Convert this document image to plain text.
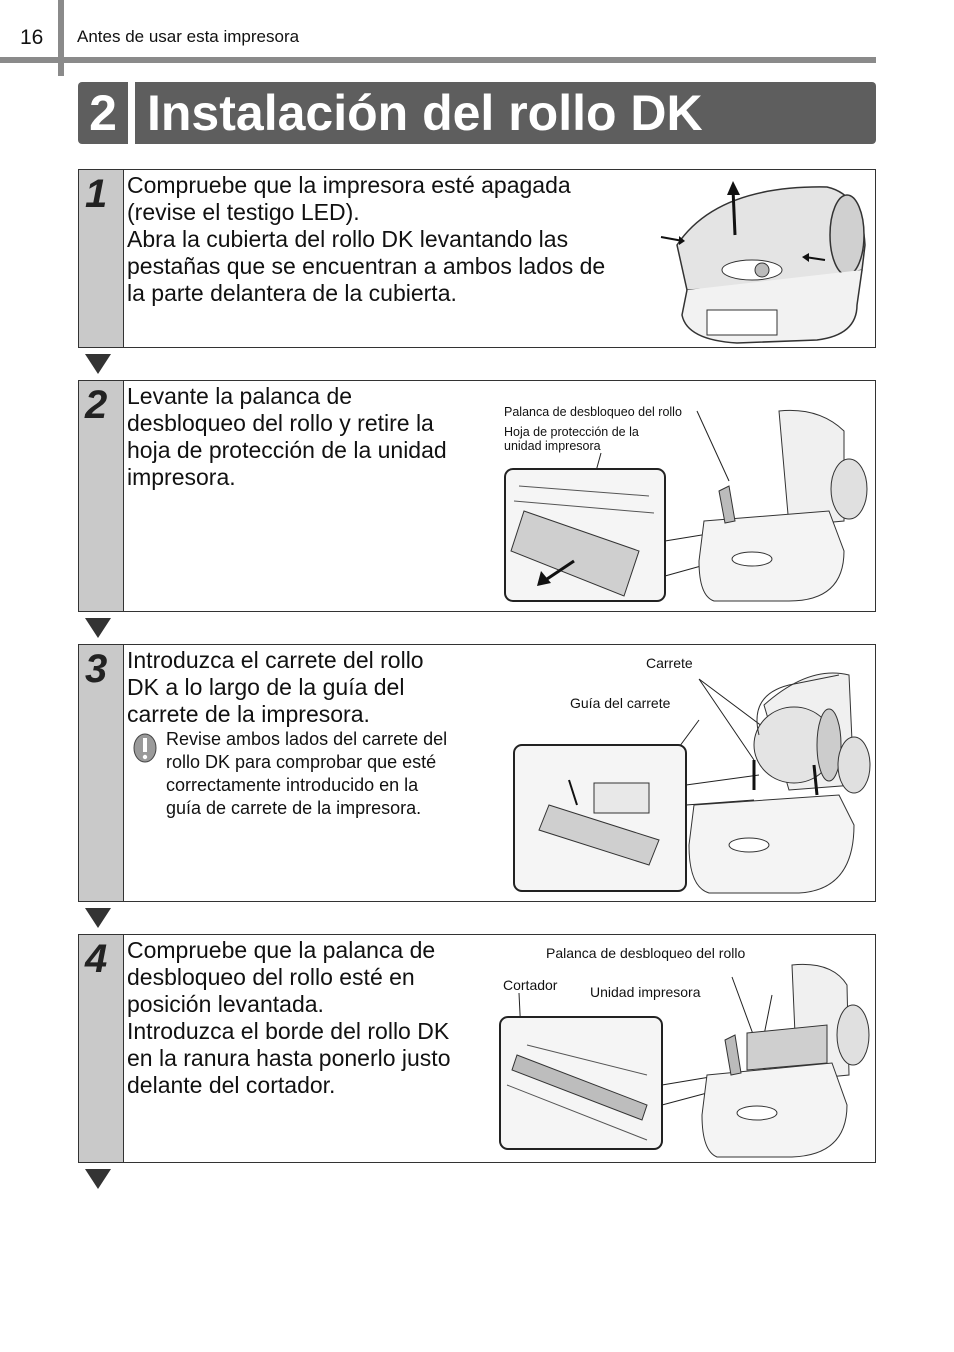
16 Antes de usar esta impresora
2 Instalación del rollo DK
1 Compruebe que la impresora esté apagada
(revise el testigo LED).
Abra la cubierta del rollo DK levantando las
pestañas que se encuentran a ambos lados de
la parte delantera de la cubierta.
2 Levante la palanca de
desbloqueo del rollo y retire la
hoja de protección de la unidad
impresora.
Palanca de desbloqueo del rollo
Hoja de protección de la
unidad impresora
3 Introduzca el carrete del rollo
DK a lo largo de la guía del
carrete de la impresora.
Revise ambos lados del carrete del
rollo DK para comprobar que esté
correctamente introducido en la
guía de carrete de la impresora.
Carrete
Guía del carrete
4 Compruebe que la palanca de
desbloqueo del rollo esté en
posición levantada.
Introduzca el borde del rollo DK
en la ranura hasta ponerlo justo
delante del cortador.
Palanca de desbloqueo del rollo
Cortador Unidad impresora
